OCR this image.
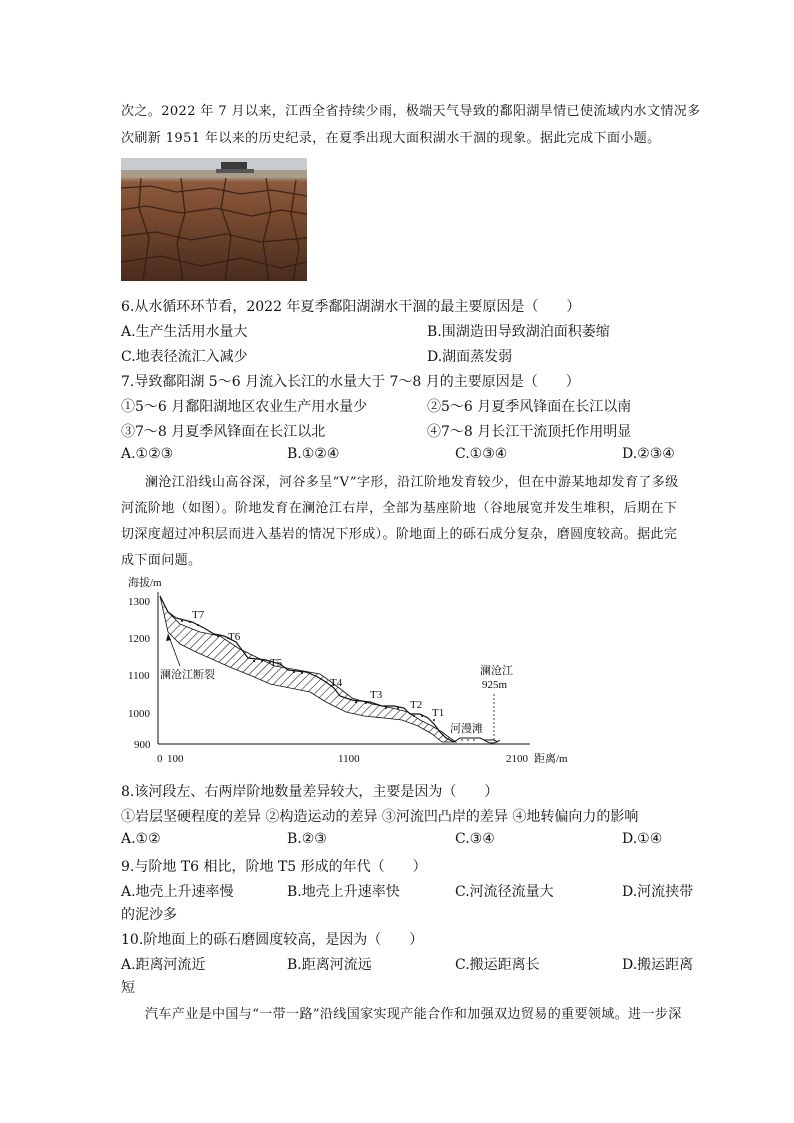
次之。2022 年 7 月以来，江西全省持续少雨，极端天气导致的鄱阳湖旱情已使流域内水文情况多
次刷新 1951 年以来的历史纪录，在夏季出现大面积湖水干涸的现象。据此完成下面小题。
6.从水循环环节看，2022 年夏季鄱阳湖湖水干涸的最主要原因是（　　）
A.生产生活用水量大	B.围湖造田导致湖泊面积萎缩
C.地表径流汇入减少	D.湖面蒸发弱
7.导致鄱阳湖 5～6 月流入长江的水量大于 7～8 月的主要原因是（　　）
①5～6 月鄱阳湖地区农业生产用水量少	②5～6 月夏季风锋面在长江以南
③7～8 月夏季风锋面在长江以北	④7～8 月长江干流顶托作用明显
A.①②③	B.①②④	C.①③④	D.②③④
澜沧江沿线山高谷深，河谷多呈“V”字形，沿江阶地发育较少，但在中游某地却发育了多级
河流阶地（如图）。阶地发育在澜沧江右岸，全部为基座阶地（谷地展宽并发生堆积，后期在下
切深度超过冲积层而进入基岩的情况下形成）。阶地面上的砾石成分复杂，磨圆度较高。据此完
成下面问题。
海拔/m
1300
1200
1100
1000
900
0 100	1100	2100 距离/m
T7
T6
T5
T4
T3
T2
T1
澜沧江断裂
河漫滩
澜沧江
925m
8.该河段左、右两岸阶地数量差异较大，主要是因为（　　）
①岩层坚硬程度的差异 ②构造运动的差异 ③河流凹凸岸的差异 ④地转偏向力的影响
A.①②	B.②③	C.③④	D.①④
9.与阶地 T6 相比，阶地 T5 形成的年代（　　）
A.地壳上升速率慢	B.地壳上升速率快	C.河流径流量大	D.河流挟带
的泥沙多
10.阶地面上的砾石磨圆度较高，是因为（　　）
A.距离河流近	B.距离河流远	C.搬运距离长	D.搬运距离
短
汽车产业是中国与“一带一路”沿线国家实现产能合作和加强双边贸易的重要领域。进一步深
